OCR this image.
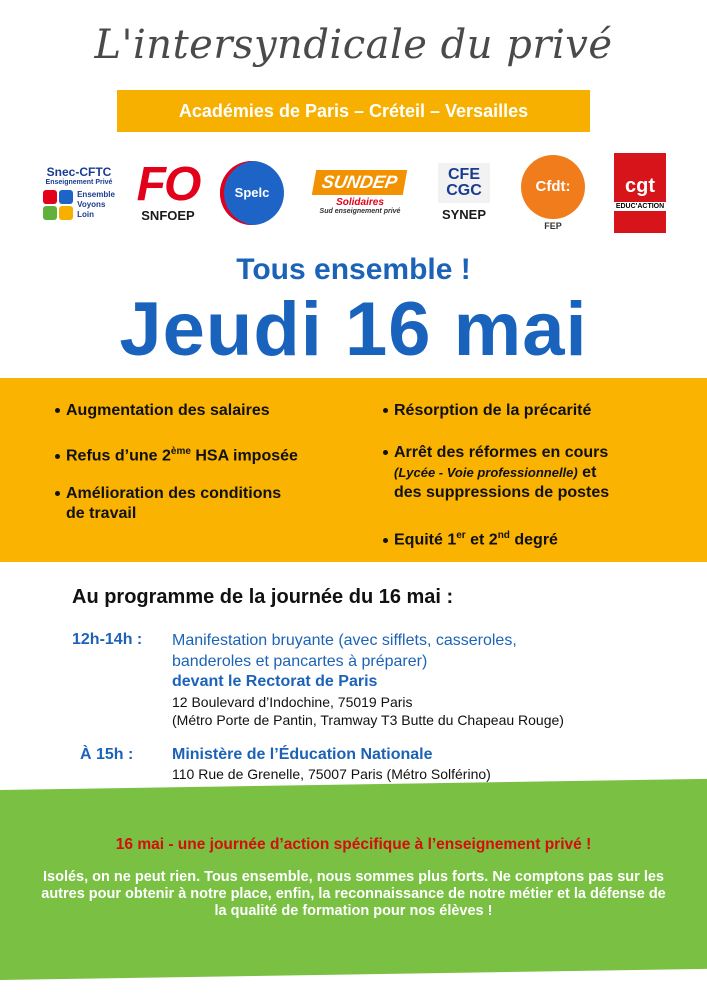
L'intersyndicale du privé
Académies de Paris – Créteil – Versailles
Snec-CFTC
Enseignement Privé
Ensemble
Voyons
Loin
FO
SNFOEP
Spelc
SUNDEP
Solidaires
Sud enseignement privé
CFE
CGC
SYNEP
Cfdt:
FEP
cgt
EDUC'ACTION
Tous ensemble !
Jeudi 16 mai
Augmentation des salaires
Refus d’une 2ème HSA imposée
Amélioration des conditions
de travail
Résorption de la précarité
Arrêt des réformes en cours
(Lycée - Voie professionnelle) et
des suppressions de postes
Equité 1er et 2nd degré
Au programme de la journée du 16 mai :
12h-14h : Manifestation bruyante (avec sifflets, casseroles,
banderoles et pancartes à préparer)
devant le Rectorat de Paris
12 Boulevard d’Indochine, 75019 Paris
(Métro Porte de Pantin, Tramway T3 Butte du Chapeau Rouge)
À 15h : Ministère de l’Éducation Nationale
110 Rue de Grenelle, 75007 Paris (Métro Solférino)
16 mai - une journée d’action spécifique à l’enseignement privé !
Isolés, on ne peut rien. Tous ensemble, nous sommes plus forts. Ne comptons pas sur les autres pour obtenir à notre place, enfin, la reconnaissance de notre métier et la défense de la qualité de formation pour nos élèves !
